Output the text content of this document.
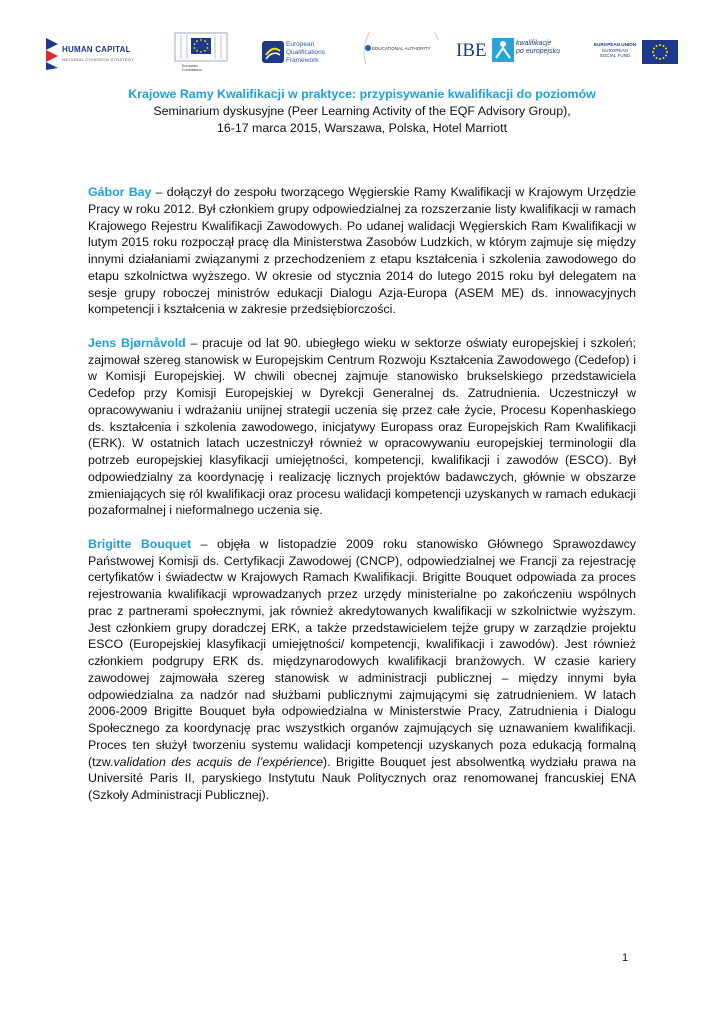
HUMAN CAPITAL
NATIONAL COHESION STRATEGY
European
Commission
European
Qualifications
Framework
EDUCATIONAL AUTHORITY IBE	kwalifikacje
po europejsku
EUROPEAN UNION
EUROPEAN
SOCIAL FUND
Krajowe Ramy Kwalifikacji w praktyce: przypisywanie kwalifikacji do poziomów
Seminarium dyskusyjne (Peer Learning Activity of the EQF Advisory Group),
16-17 marca 2015, Warszawa, Polska, Hotel Marriott

Gábor Bay – dołączył do zespołu tworzącego Węgierskie Ramy Kwalifikacji w Krajowym Urzędzie Pracy w roku 2012. Był członkiem grupy odpowiedzialnej za rozszerzanie listy kwalifikacji w ramach Krajowego Rejestru Kwalifikacji Zawodowych. Po udanej walidacji Węgierskich Ram Kwalifikacji w lutym 2015 roku rozpoczął pracę dla Ministerstwa Zasobów Ludzkich, w którym zajmuje się między innymi działaniami związanymi z przechodzeniem z etapu kształcenia i szkolenia zawodowego do etapu szkolnictwa wyższego. W okresie od stycznia 2014 do lutego 2015 roku był delegatem na sesje grupy roboczej ministrów edukacji Dialogu Azja-Europa (ASEM ME) ds. innowacyjnych kompetencji i kształcenia w zakresie przedsiębiorczości.

Jens Bjørnåvold – pracuje od lat 90. ubiegłego wieku w sektorze oświaty europejskiej i szkoleń; zajmował szereg stanowisk w Europejskim Centrum Rozwoju Kształcenia Zawodowego (Cedefop) i w Komisji Europejskiej. W chwili obecnej zajmuje stanowisko brukselskiego przedstawiciela Cedefop przy Komisji Europejskiej w Dyrekcji Generalnej ds. Zatrudnienia. Uczestniczył w opracowywaniu i wdrażaniu unijnej strategii uczenia się przez całe życie, Procesu Kopenhaskiego ds. kształcenia i szkolenia zawodowego, inicjatywy Europass oraz Europejskich Ram Kwalifikacji (ERK). W ostatnich latach uczestniczył również w opracowywaniu europejskiej terminologii dla potrzeb europejskiej klasyfikacji umiejętności, kompetencji, kwalifikacji i zawodów (ESCO). Był odpowiedzialny za koordynację i realizację licznych projektów badawczych, głównie w obszarze zmieniających się ról kwalifikacji oraz procesu walidacji kompetencji uzyskanych w ramach edukacji pozaformalnej i nieformalnego uczenia się.

Brigitte Bouquet – objęła w listopadzie 2009 roku stanowisko Głównego Sprawozdawcy Państwowej Komisji ds. Certyfikacji Zawodowej (CNCP), odpowiedzialnej we Francji za rejestrację certyfikatów i świadectw w Krajowych Ramach Kwalifikacji. Brigitte Bouquet odpowiada za proces rejestrowania kwalifikacji wprowadzanych przez urzędy ministerialne po zakończeniu wspólnych prac z partnerami społecznymi, jak również akredytowanych kwalifikacji w szkolnictwie wyższym. Jest członkiem grupy doradczej ERK, a także przedstawicielem tejże grupy w zarządzie projektu ESCO (Europejskiej klasyfikacji umiejętności/ kompetencji, kwalifikacji i zawodów). Jest również członkiem podgrupy ERK ds. międzynarodowych kwalifikacji branżowych. W czasie kariery zawodowej zajmowała szereg stanowisk w administracji publicznej – między innymi była odpowiedzialna za nadzór nad służbami publicznymi zajmującymi się zatrudnieniem. W latach 2006-2009 Brigitte Bouquet była odpowiedzialna w Ministerstwie Pracy, Zatrudnienia i Dialogu Społecznego za koordynację prac wszystkich organów zajmujących się uznawaniem kwalifikacji. Proces ten służył tworzeniu systemu walidacji kompetencji uzyskanych poza edukacją formalną (tzw.validation des acquis de l’expérience). Brigitte Bouquet jest absolwentką wydziału prawa na Université Paris II, paryskiego Instytutu Nauk Politycznych oraz renomowanej francuskiej ENA (Szkoły Administracji Publicznej).

1
